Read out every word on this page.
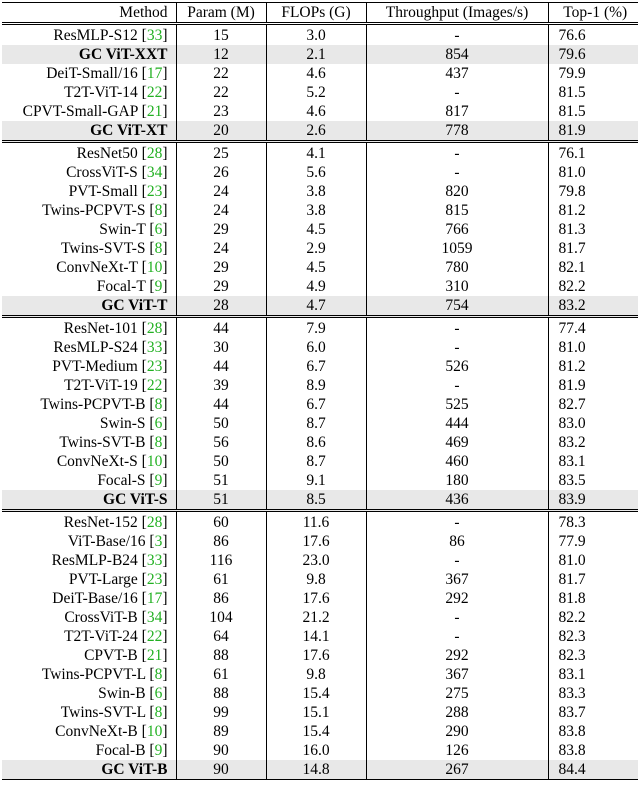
Method	Param (M)	FLOPs (G)	Throughput (Images/s)	Top-1 (%)
ResMLP-S12 [33]	15	3.0	-	76.6
GC ViT-XXT	12	2.1	854	79.6
DeiT-Small/16 [17]	22	4.6	437	79.9
T2T-ViT-14 [22]	22	5.2	-	81.5
CPVT-Small-GAP [21]	23	4.6	817	81.5
GC ViT-XT	20	2.6	778	81.9
ResNet50 [28]	25	4.1	-	76.1
CrossViT-S [34]	26	5.6	-	81.0
PVT-Small [23]	24	3.8	820	79.8
Twins-PCPVT-S [8]	24	3.8	815	81.2
Swin-T [6]	29	4.5	766	81.3
Twins-SVT-S [8]	24	2.9	1059	81.7
ConvNeXt-T [10]	29	4.5	780	82.1
Focal-T [9]	29	4.9	310	82.2
GC ViT-T	28	4.7	754	83.2
ResNet-101 [28]	44	7.9	-	77.4
ResMLP-S24 [33]	30	6.0	-	81.0
PVT-Medium [23]	44	6.7	526	81.2
T2T-ViT-19 [22]	39	8.9	-	81.9
Twins-PCPVT-B [8]	44	6.7	525	82.7
Swin-S [6]	50	8.7	444	83.0
Twins-SVT-B [8]	56	8.6	469	83.2
ConvNeXt-S [10]	50	8.7	460	83.1
Focal-S [9]	51	9.1	180	83.5
GC ViT-S	51	8.5	436	83.9
ResNet-152 [28]	60	11.6	-	78.3
ViT-Base/16 [3]	86	17.6	86	77.9
ResMLP-B24 [33]	116	23.0	-	81.0
PVT-Large [23]	61	9.8	367	81.7
DeiT-Base/16 [17]	86	17.6	292	81.8
CrossViT-B [34]	104	21.2	-	82.2
T2T-ViT-24 [22]	64	14.1	-	82.3
CPVT-B [21]	88	17.6	292	82.3
Twins-PCPVT-L [8]	61	9.8	367	83.1
Swin-B [6]	88	15.4	275	83.3
Twins-SVT-L [8]	99	15.1	288	83.7
ConvNeXt-B [10]	89	15.4	290	83.8
Focal-B [9]	90	16.0	126	83.8
GC ViT-B	90	14.8	267	84.4
